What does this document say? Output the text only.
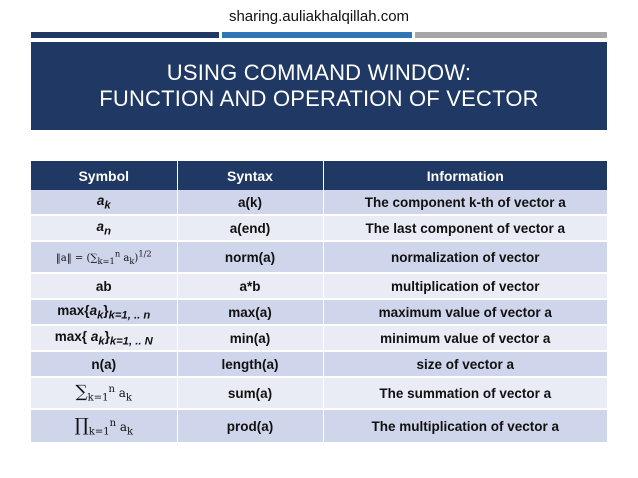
sharing.auliakhalqillah.com
USING COMMAND WINDOW:
FUNCTION AND OPERATION OF VECTOR
Symbol	Syntax	Information
$a_k$	a(k)	The component k-th of vector a
$a_n$	a(end)	The last component of vector a
‖a‖ = ($\sum_{k=1}^n$ $a_k)^{1/2}$	norm(a)	normalization of vector
ab	a*b	multiplication of vector
$\max\{a_k\}_{k=1, .. n}$	max(a)	maximum value of vector a
max{ $a_k\}_{k=1, .. N}$	min(a)	minimum value of vector a
n(a)	length(a)	size of vector a
$\sum_{k=1}^n$ $a_k$	sum(a)	The summation of vector a
$\prod_{k=1}^n$ $a_k$	prod(a)	The multiplication of vector a
